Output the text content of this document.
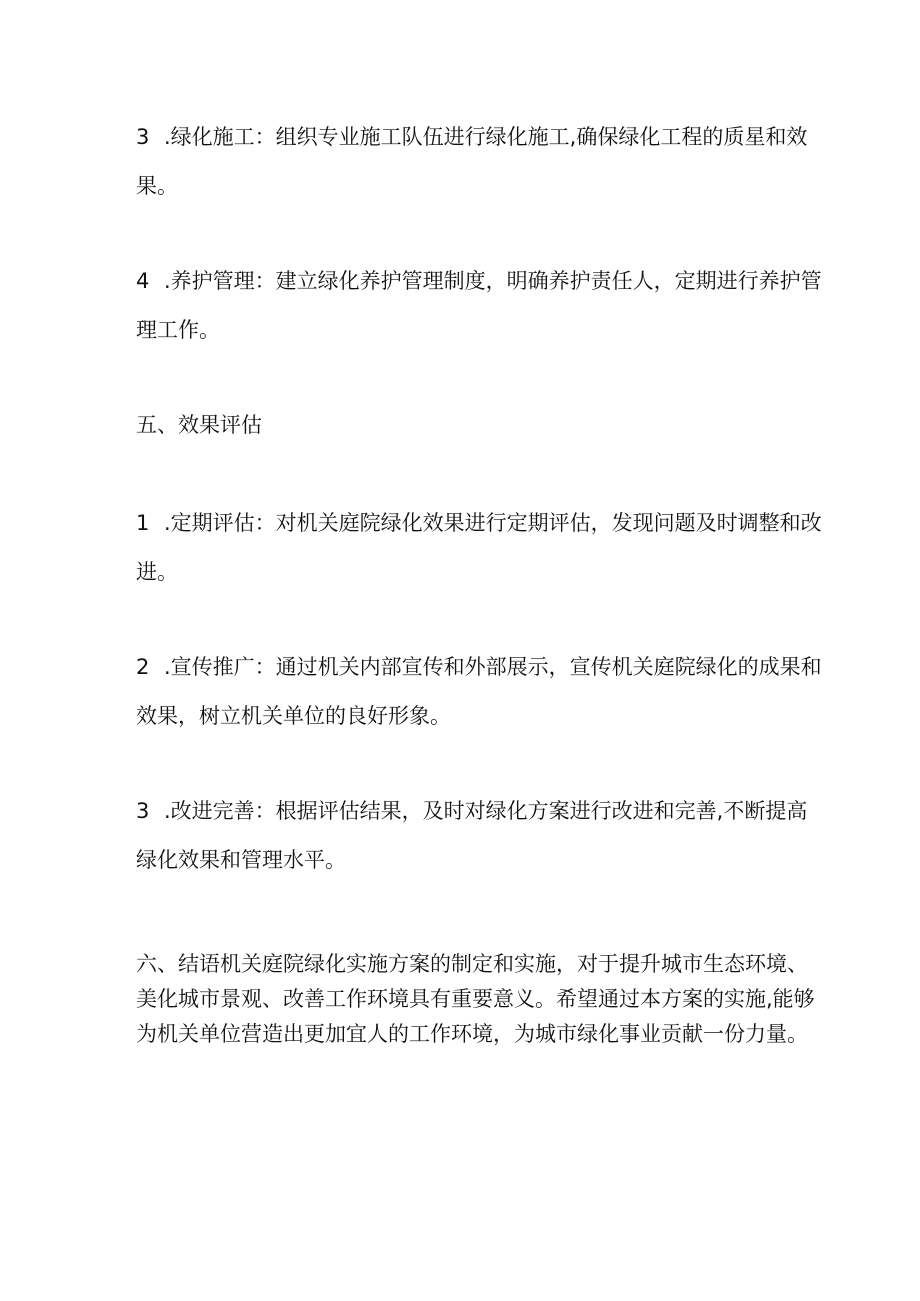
3 .绿化施工：组织专业施工队伍进行绿化施工,确保绿化工程的质星和效
果。
4 .养护管理：建立绿化养护管理制度，明确养护责任人，定期进行养护管
理工作。
五、效果评估
1 .定期评估：对机关庭院绿化效果进行定期评估，发现问题及时调整和改
进。
2 .宣传推广：通过机关内部宣传和外部展示，宣传机关庭院绿化的成果和
效果，树立机关单位的良好形象。
3 .改进完善：根据评估结果，及时对绿化方案进行改进和完善,不断提高
绿化效果和管理水平。
六、结语机关庭院绿化实施方案的制定和实施，对于提升城市生态环境、
美化城市景观、改善工作环境具有重要意义。希望通过本方案的实施,能够
为机关单位营造出更加宜人的工作环境，为城市绿化事业贡献一份力量。
